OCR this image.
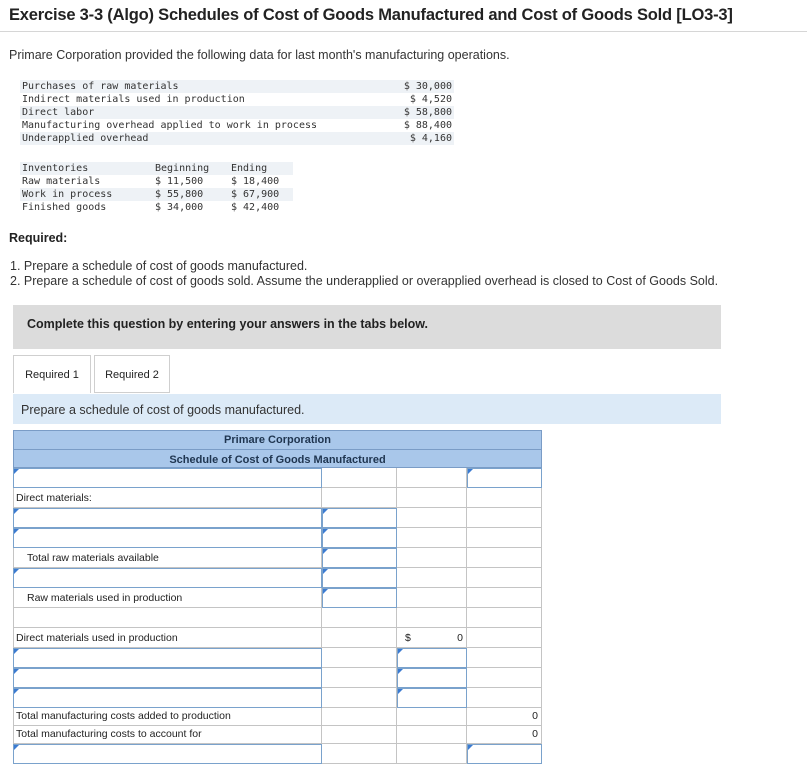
Exercise 3-3 (Algo) Schedules of Cost of Goods Manufactured and Cost of Goods Sold [LO3-3]
Primare Corporation provided the following data for last month's manufacturing operations.
Purchases of raw materials	$ 30,000
Indirect materials used in production	$ 4,520
Direct labor	$ 58,800
Manufacturing overhead applied to work in process	$ 88,400
Underapplied overhead	$ 4,160
Inventories	Beginning	Ending
Raw materials	$ 11,500	$ 18,400
Work in process	$ 55,800	$ 67,900
Finished goods	$ 34,000	$ 42,400
Required:
1. Prepare a schedule of cost of goods manufactured.
2. Prepare a schedule of cost of goods sold. Assume the underapplied or overapplied overhead is closed to Cost of Goods Sold.
Complete this question by entering your answers in the tabs below.
Required 1	Required 2
Prepare a schedule of cost of goods manufactured.
Primare Corporation
Schedule of Cost of Goods Manufactured
Direct materials:
Total raw materials available
Raw materials used in production
Direct materials used in production	$	0
Total manufacturing costs added to production	0
Total manufacturing costs to account for	0
